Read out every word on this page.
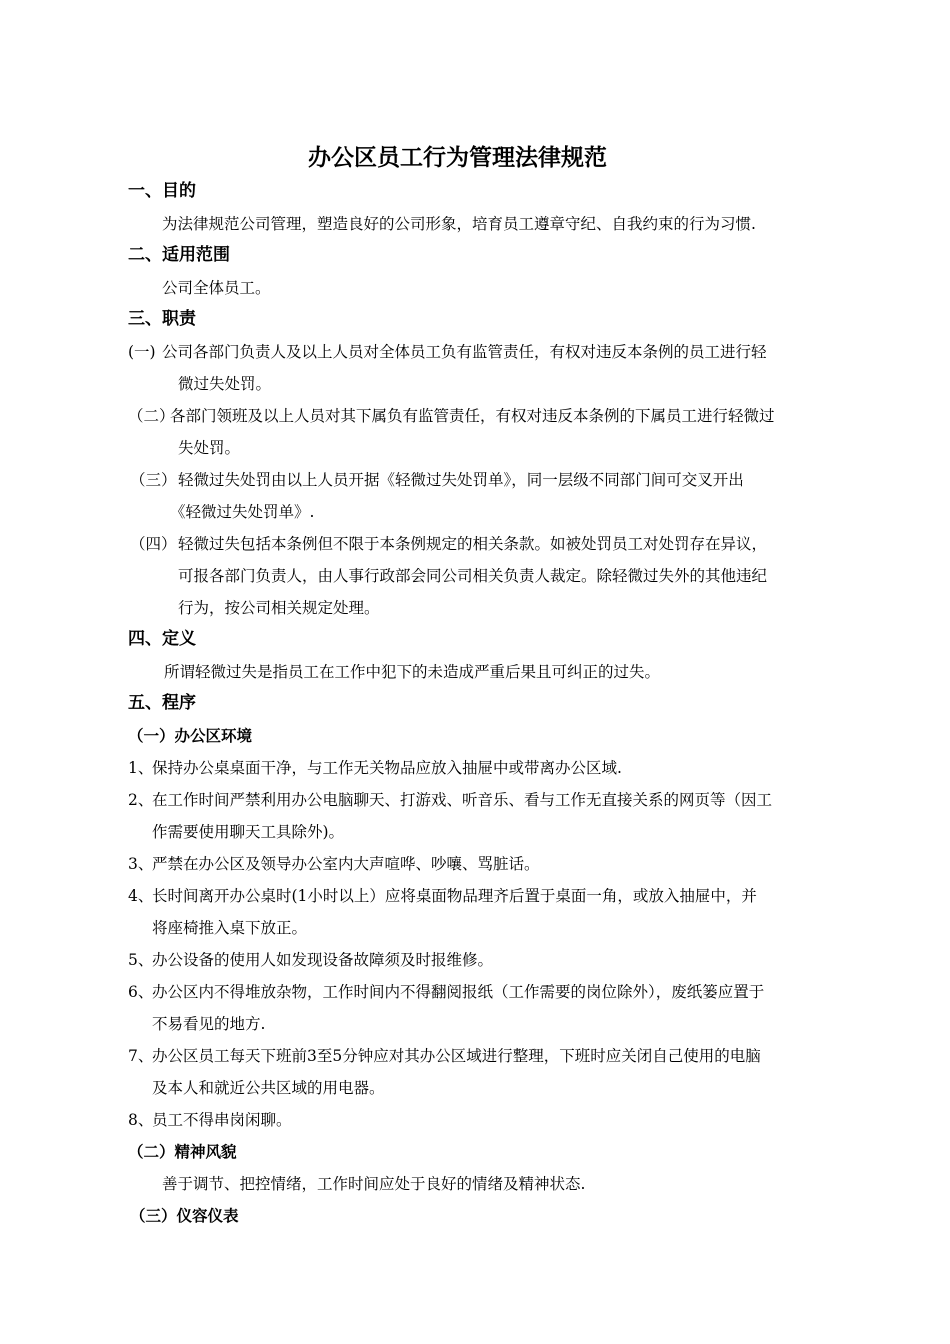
办公区员工行为管理法律规范
一、目的
为法律规范公司管理，塑造良好的公司形象，培育员工遵章守纪、自我约束的行为习惯.
二、适用范围
公司全体员工。
三、职责
(一) 公司各部门负责人及以上人员对全体员工负有监管责任，有权对违反本条例的员工进行轻
微过失处罚。
（二）
各部门领班及以上人员对其下属负有监管责任，有权对违反本条例的下属员工进行轻微过
失处罚。
（三） 轻微过失处罚由以上人员开据《轻微过失处罚单》，同一层级不同部门间可交叉开出
《轻微过失处罚单》.
（四） 轻微过失包括本条例但不限于本条例规定的相关条款。如被处罚员工对处罚存在异议，
可报各部门负责人，由人事行政部会同公司相关负责人裁定。除轻微过失外的其他违纪
行为，按公司相关规定处理。
四、定义
所谓轻微过失是指员工在工作中犯下的未造成严重后果且可纠正的过失。
五、程序
（一）办公区环境
1、
保持办公桌桌面干净，与工作无关物品应放入抽屉中或带离办公区域.
2、
在工作时间严禁利用办公电脑聊天、打游戏、听音乐、看与工作无直接关系的网页等（因工
作需要使用聊天工具除外)。
3、
严禁在办公区及领导办公室内大声喧哗、吵嚷、骂脏话。
4、
长时间离开办公桌时(1小时以上）应将桌面物品理齐后置于桌面一角，或放入抽屉中，并
将座椅推入桌下放正。
5、
办公设备的使用人如发现设备故障须及时报维修。
6、
办公区内不得堆放杂物，工作时间内不得翻阅报纸（工作需要的岗位除外），废纸篓应置于
不易看见的地方.
7、
办公区员工每天下班前3至5分钟应对其办公区域进行整理，下班时应关闭自己使用的电脑
及本人和就近公共区域的用电器。
8、
员工不得串岗闲聊。
（二）精神风貌
善于调节、把控情绪，工作时间应处于良好的情绪及精神状态.
（三）仪容仪表
